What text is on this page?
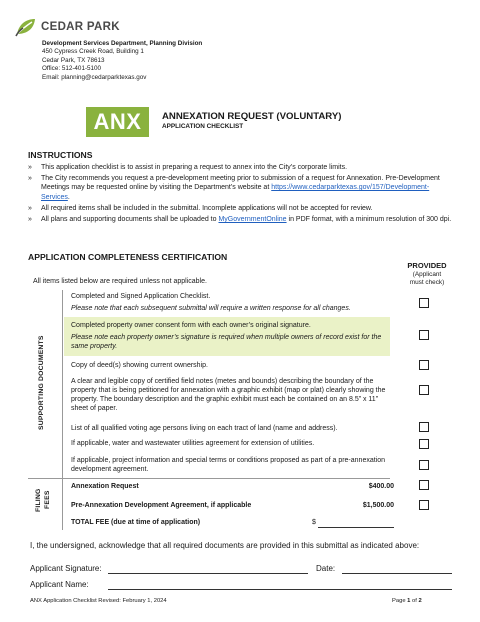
CEDAR PARK
Development Services Department, Planning Division
450 Cypress Creek Road, Building 1
Cedar Park, TX 78613
Office: 512-401-5100
Email: planning@cedarparktexas.gov
ANX	ANNEXATION REQUEST (VOLUNTARY)
APPLICATION CHECKLIST
INSTRUCTIONS
»	This application checklist is to assist in preparing a request to annex into the City’s corporate limits.
»	The City recommends you request a pre-development meeting prior to submission of a request for Annexation. Pre-Development Meetings may be requested online by visiting the Department’s website at https://www.cedarparktexas.gov/157/Development-Services.
»	All required items shall be included in the submittal. Incomplete applications will not be accepted for review.
»	All plans and supporting documents shall be uploaded to MyGovernmentOnline in PDF format, with a minimum resolution of 300 dpi.
APPLICATION COMPLETENESS CERTIFICATION
PROVIDED
(Applicant
must check)
All items listed below are required unless not applicable.
SUPPORTING DOCUMENTS
FILING FEES
Completed and Signed Application Checklist.
Please note that each subsequent submittal will require a written response for all changes.
Completed property owner consent form with each owner’s original signature.
Please note each property owner’s signature is required when multiple owners of record exist for the same property.
Copy of deed(s) showing current ownership.
A clear and legible copy of certified field notes (metes and bounds) describing the boundary of the property that is being petitioned for annexation with a graphic exhibit (map or plat) clearly showing the property. The boundary description and the graphic exhibit must each be contained on an 8.5” x 11” sheet of paper.
List of all qualified voting age persons living on each tract of land (name and address).
If applicable, water and wastewater utilities agreement for extension of utilities.
If applicable, project information and special terms or conditions proposed as part of a pre-annexation development agreement.
Annexation Request	$400.00
Pre-Annexation Development Agreement, if applicable	$1,500.00
TOTAL FEE (due at time of application)	$
I, the undersigned, acknowledge that all required documents are provided in this submittal as indicated above:
Applicant Signature:	Date:
Applicant Name:
ANX Application Checklist Revised: February 1, 2024	Page 1 of 2
